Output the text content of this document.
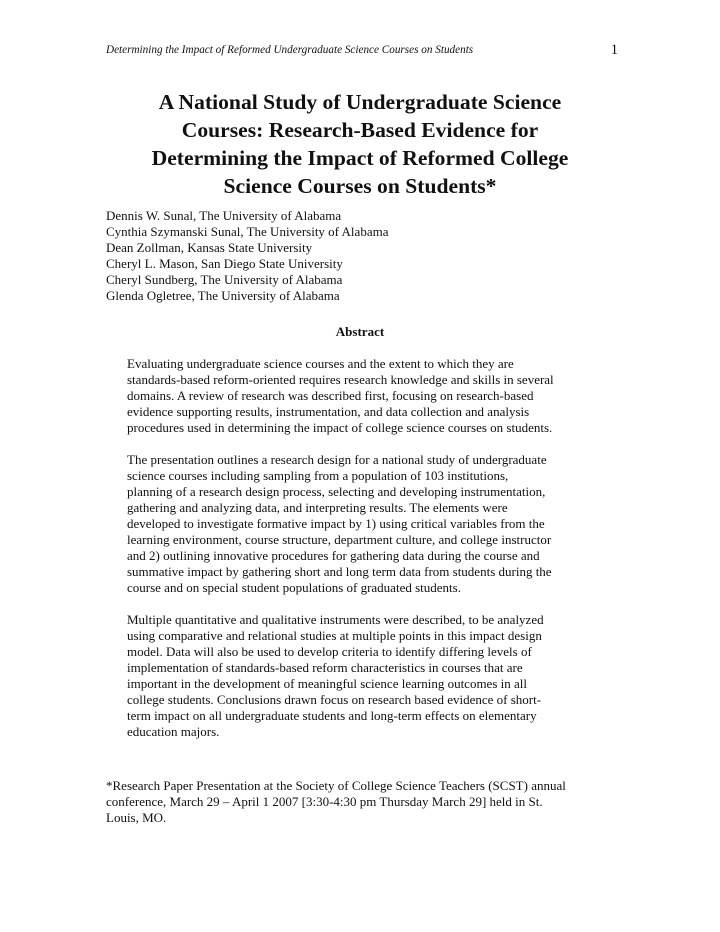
Determining the Impact of Reformed Undergraduate Science Courses on Students	1
A National Study of Undergraduate Science
Courses: Research-Based Evidence for
Determining the Impact of Reformed College
Science Courses on Students*
Dennis W. Sunal, The University of Alabama
Cynthia Szymanski Sunal, The University of Alabama
Dean Zollman, Kansas State University
Cheryl L. Mason, San Diego State University
Cheryl Sundberg, The University of Alabama
Glenda Ogletree, The University of Alabama
Abstract
Evaluating undergraduate science courses and the extent to which they are
standards-based reform-oriented requires research knowledge and skills in several
domains. A review of research was described first, focusing on research-based
evidence supporting results, instrumentation, and data collection and analysis
procedures used in determining the impact of college science courses on students.
The presentation outlines a research design for a national study of undergraduate
science courses including sampling from a population of 103 institutions,
planning of a research design process, selecting and developing instrumentation,
gathering and analyzing data, and interpreting results. The elements were
developed to investigate formative impact by 1) using critical variables from the
learning environment, course structure, department culture, and college instructor
and 2) outlining innovative procedures for gathering data during the course and
summative impact by gathering short and long term data from students during the
course and on special student populations of graduated students.
Multiple quantitative and qualitative instruments were described, to be analyzed
using comparative and relational studies at multiple points in this impact design
model. Data will also be used to develop criteria to identify differing levels of
implementation of standards-based reform characteristics in courses that are
important in the development of meaningful science learning outcomes in all
college students. Conclusions drawn focus on research based evidence of short-
term impact on all undergraduate students and long-term effects on elementary
education majors.
*Research Paper Presentation at the Society of College Science Teachers (SCST) annual
conference, March 29 – April 1 2007 [3:30-4:30 pm Thursday March 29] held in St.
Louis, MO.
